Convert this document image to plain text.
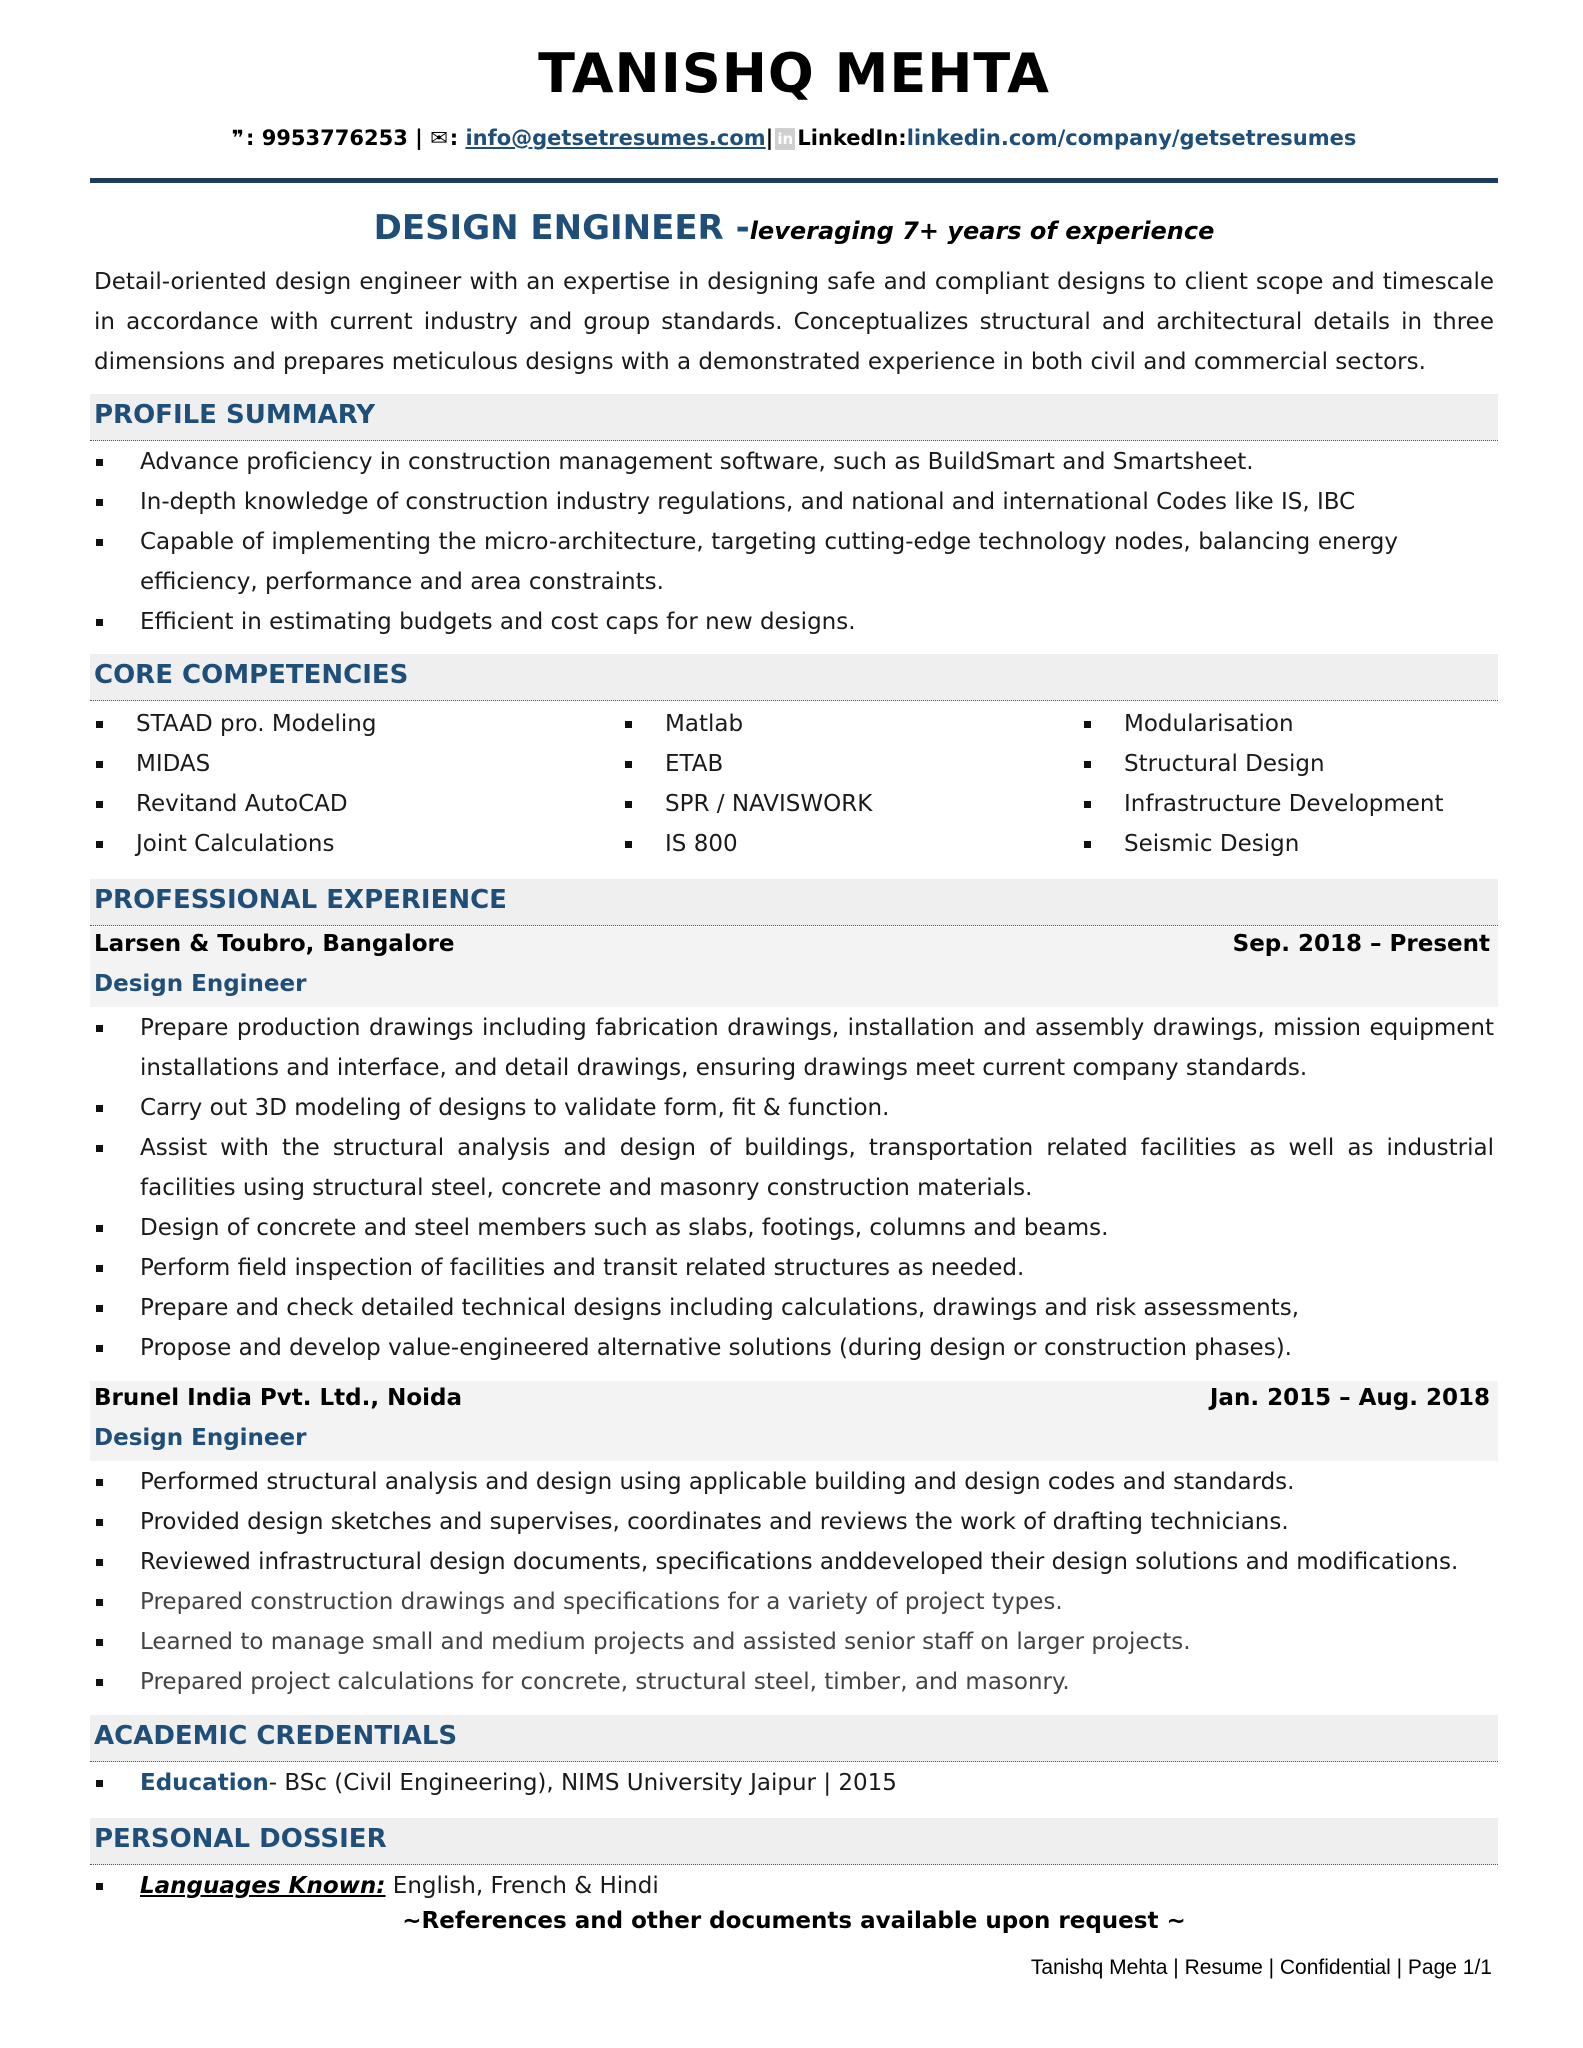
TANISHQ MEHTA
❞: 9953776253 | ✉: info@getsetresumes.com| in LinkedIn:linkedin.com/company/getsetresumes
DESIGN ENGINEER -leveraging 7+ years of experience
Detail-oriented design engineer with an expertise in designing safe and compliant designs to client scope and timescale in accordance with current industry and group standards. Conceptualizes structural and architectural details in three dimensions and prepares meticulous designs with a demonstrated experience in both civil and commercial sectors.
PROFILE SUMMARY
Advance proficiency in construction management software, such as BuildSmart and Smartsheet.
In-depth knowledge of construction industry regulations, and national and international Codes like IS, IBC
Capable of implementing the micro-architecture, targeting cutting-edge technology nodes, balancing energy efficiency, performance and area constraints.
Efficient in estimating budgets and cost caps for new designs.
CORE COMPETENCIES
STAAD pro. Modeling
MIDAS
Revitand AutoCAD
Joint Calculations
Matlab
ETAB
SPR / NAVISWORK
IS 800
Modularisation
Structural Design
Infrastructure Development
Seismic Design
PROFESSIONAL EXPERIENCE
Larsen & Toubro, Bangalore	Sep. 2018 – Present
Design Engineer
Prepare production drawings including fabrication drawings, installation and assembly drawings, mission equipment installations and interface, and detail drawings, ensuring drawings meet current company standards.
Carry out 3D modeling of designs to validate form, fit & function.
Assist with the structural analysis and design of buildings, transportation related facilities as well as industrial facilities using structural steel, concrete and masonry construction materials.
Design of concrete and steel members such as slabs, footings, columns and beams.
Perform field inspection of facilities and transit related structures as needed.
Prepare and check detailed technical designs including calculations, drawings and risk assessments,
Propose and develop value-engineered alternative solutions (during design or construction phases).
Brunel India Pvt. Ltd., Noida	Jan. 2015 – Aug. 2018
Design Engineer
Performed structural analysis and design using applicable building and design codes and standards.
Provided design sketches and supervises, coordinates and reviews the work of drafting technicians.
Reviewed infrastructural design documents, specifications anddeveloped their design solutions and modifications.
Prepared construction drawings and specifications for a variety of project types.
Learned to manage small and medium projects and assisted senior staff on larger projects.
Prepared project calculations for concrete, structural steel, timber, and masonry.
ACADEMIC CREDENTIALS
Education- BSc (Civil Engineering), NIMS University Jaipur | 2015
PERSONAL DOSSIER
Languages Known: English, French & Hindi
~References and other documents available upon request ~
Tanishq Mehta | Resume | Confidential | Page 1/1
